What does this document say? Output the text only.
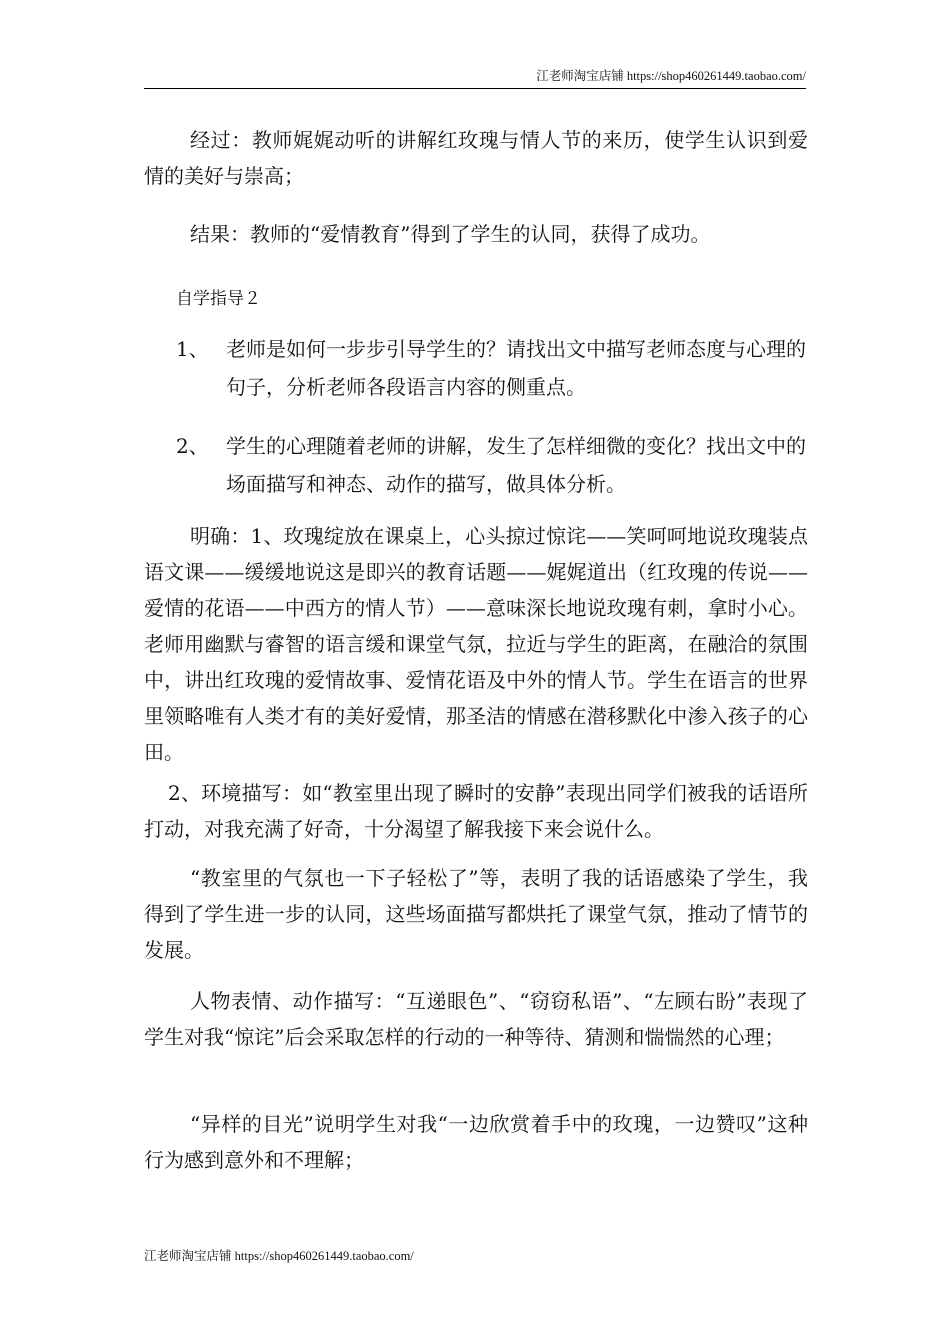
江老师淘宝店铺 https://shop460261449.taobao.com/

经过：教师娓娓动听的讲解红玫瑰与情人节的来历，使学生认识到爱情的美好与崇高；

结果：教师的“爱情教育”得到了学生的认同，获得了成功。

自学指导２

1、 老师是如何一步步引导学生的？请找出文中描写老师态度与心理的句子，分析老师各段语言内容的侧重点。
2、 学生的心理随着老师的讲解，发生了怎样细微的变化？找出文中的场面描写和神态、动作的描写，做具体分析。

明确：1、玫瑰绽放在课桌上，心头掠过惊诧——笑呵呵地说玫瑰装点语文课——缓缓地说这是即兴的教育话题——娓娓道出（红玫瑰的传说——爱情的花语——中西方的情人节）——意味深长地说玫瑰有刺，拿时小心。老师用幽默与睿智的语言缓和课堂气氛，拉近与学生的距离，在融洽的氛围中，讲出红玫瑰的爱情故事、爱情花语及中外的情人节。学生在语言的世界里领略唯有人类才有的美好爱情，那圣洁的情感在潜移默化中渗入孩子的心田。

2、环境描写：如“教室里出现了瞬时的安静”表现出同学们被我的话语所打动，对我充满了好奇，十分渴望了解我接下来会说什么。

“教室里的气氛也一下子轻松了”等，表明了我的话语感染了学生，我得到了学生进一步的认同，这些场面描写都烘托了课堂气氛，推动了情节的发展。

人物表情、动作描写：“互递眼色”、“窃窃私语”、“左顾右盼”表现了学生对我“惊诧”后会采取怎样的行动的一种等待、猜测和惴惴然的心理；

“异样的目光”说明学生对我“一边欣赏着手中的玫瑰，一边赞叹”这种行为感到意外和不理解；

江老师淘宝店铺 https://shop460261449.taobao.com/
